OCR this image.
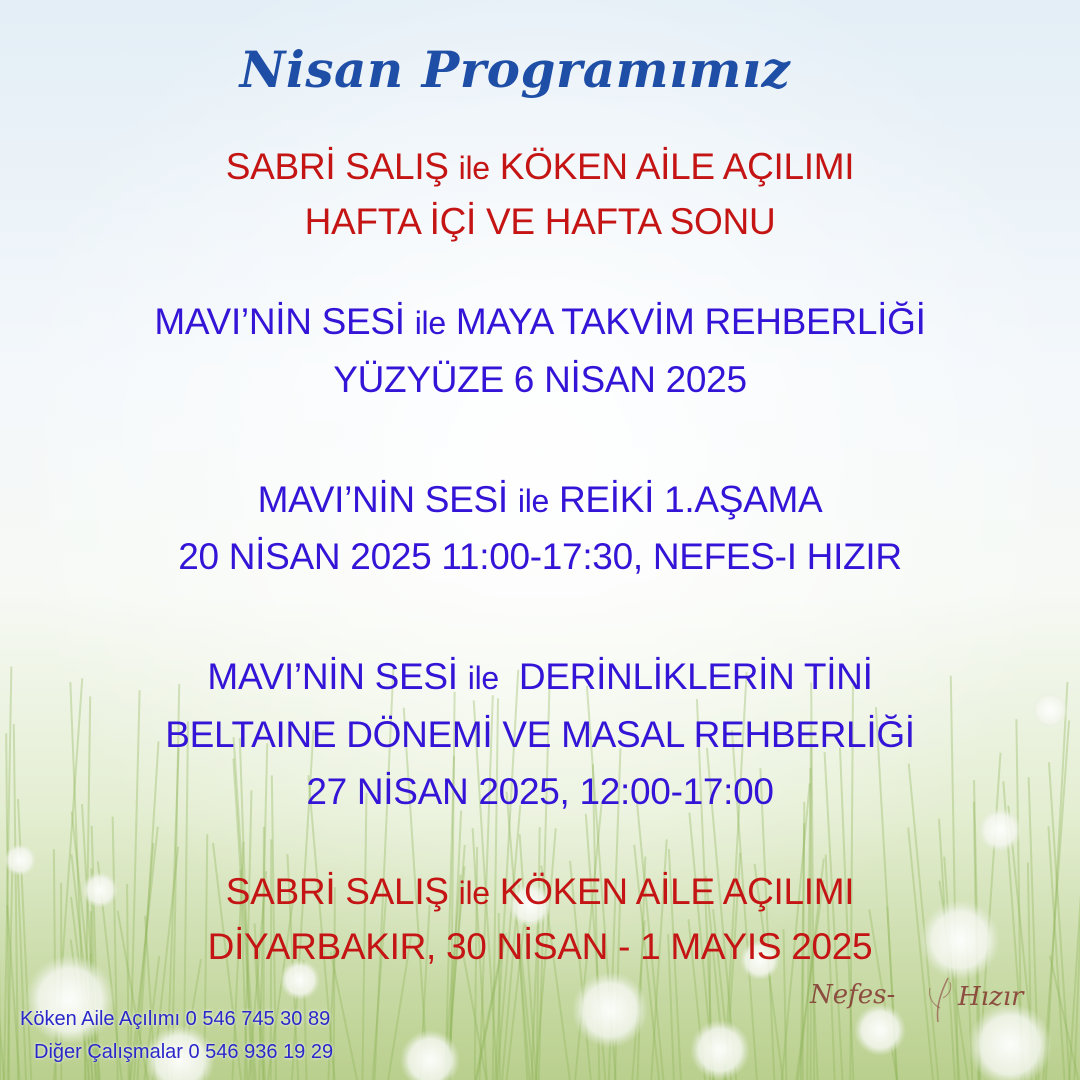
Nisan Programımız
SABRİ SALIŞ ile KÖKEN AİLE AÇILIMI
HAFTA İÇİ VE HAFTA SONU
MAVI’NİN SESİ ile MAYA TAKVİM REHBERLİĞİ
YÜZYÜZE 6 NİSAN 2025
MAVI’NİN SESİ ile REİKİ 1.AŞAMA
20 NİSAN 2025 11:00-17:30, NEFES-I HIZIR
MAVI’NİN SESİ ile  DERİNLİKLERİN TİNİ
BELTAINE DÖNEMİ VE MASAL REHBERLİĞİ
27 NİSAN 2025, 12:00-17:00
SABRİ SALIŞ ile KÖKEN AİLE AÇILIMI
DİYARBAKIR, 30 NİSAN - 1 MAYIS 2025
Köken Aile Açılımı 0 546 745 30 89
Diğer Çalışmalar 0 546 936 19 29
Nefes- Hızır
